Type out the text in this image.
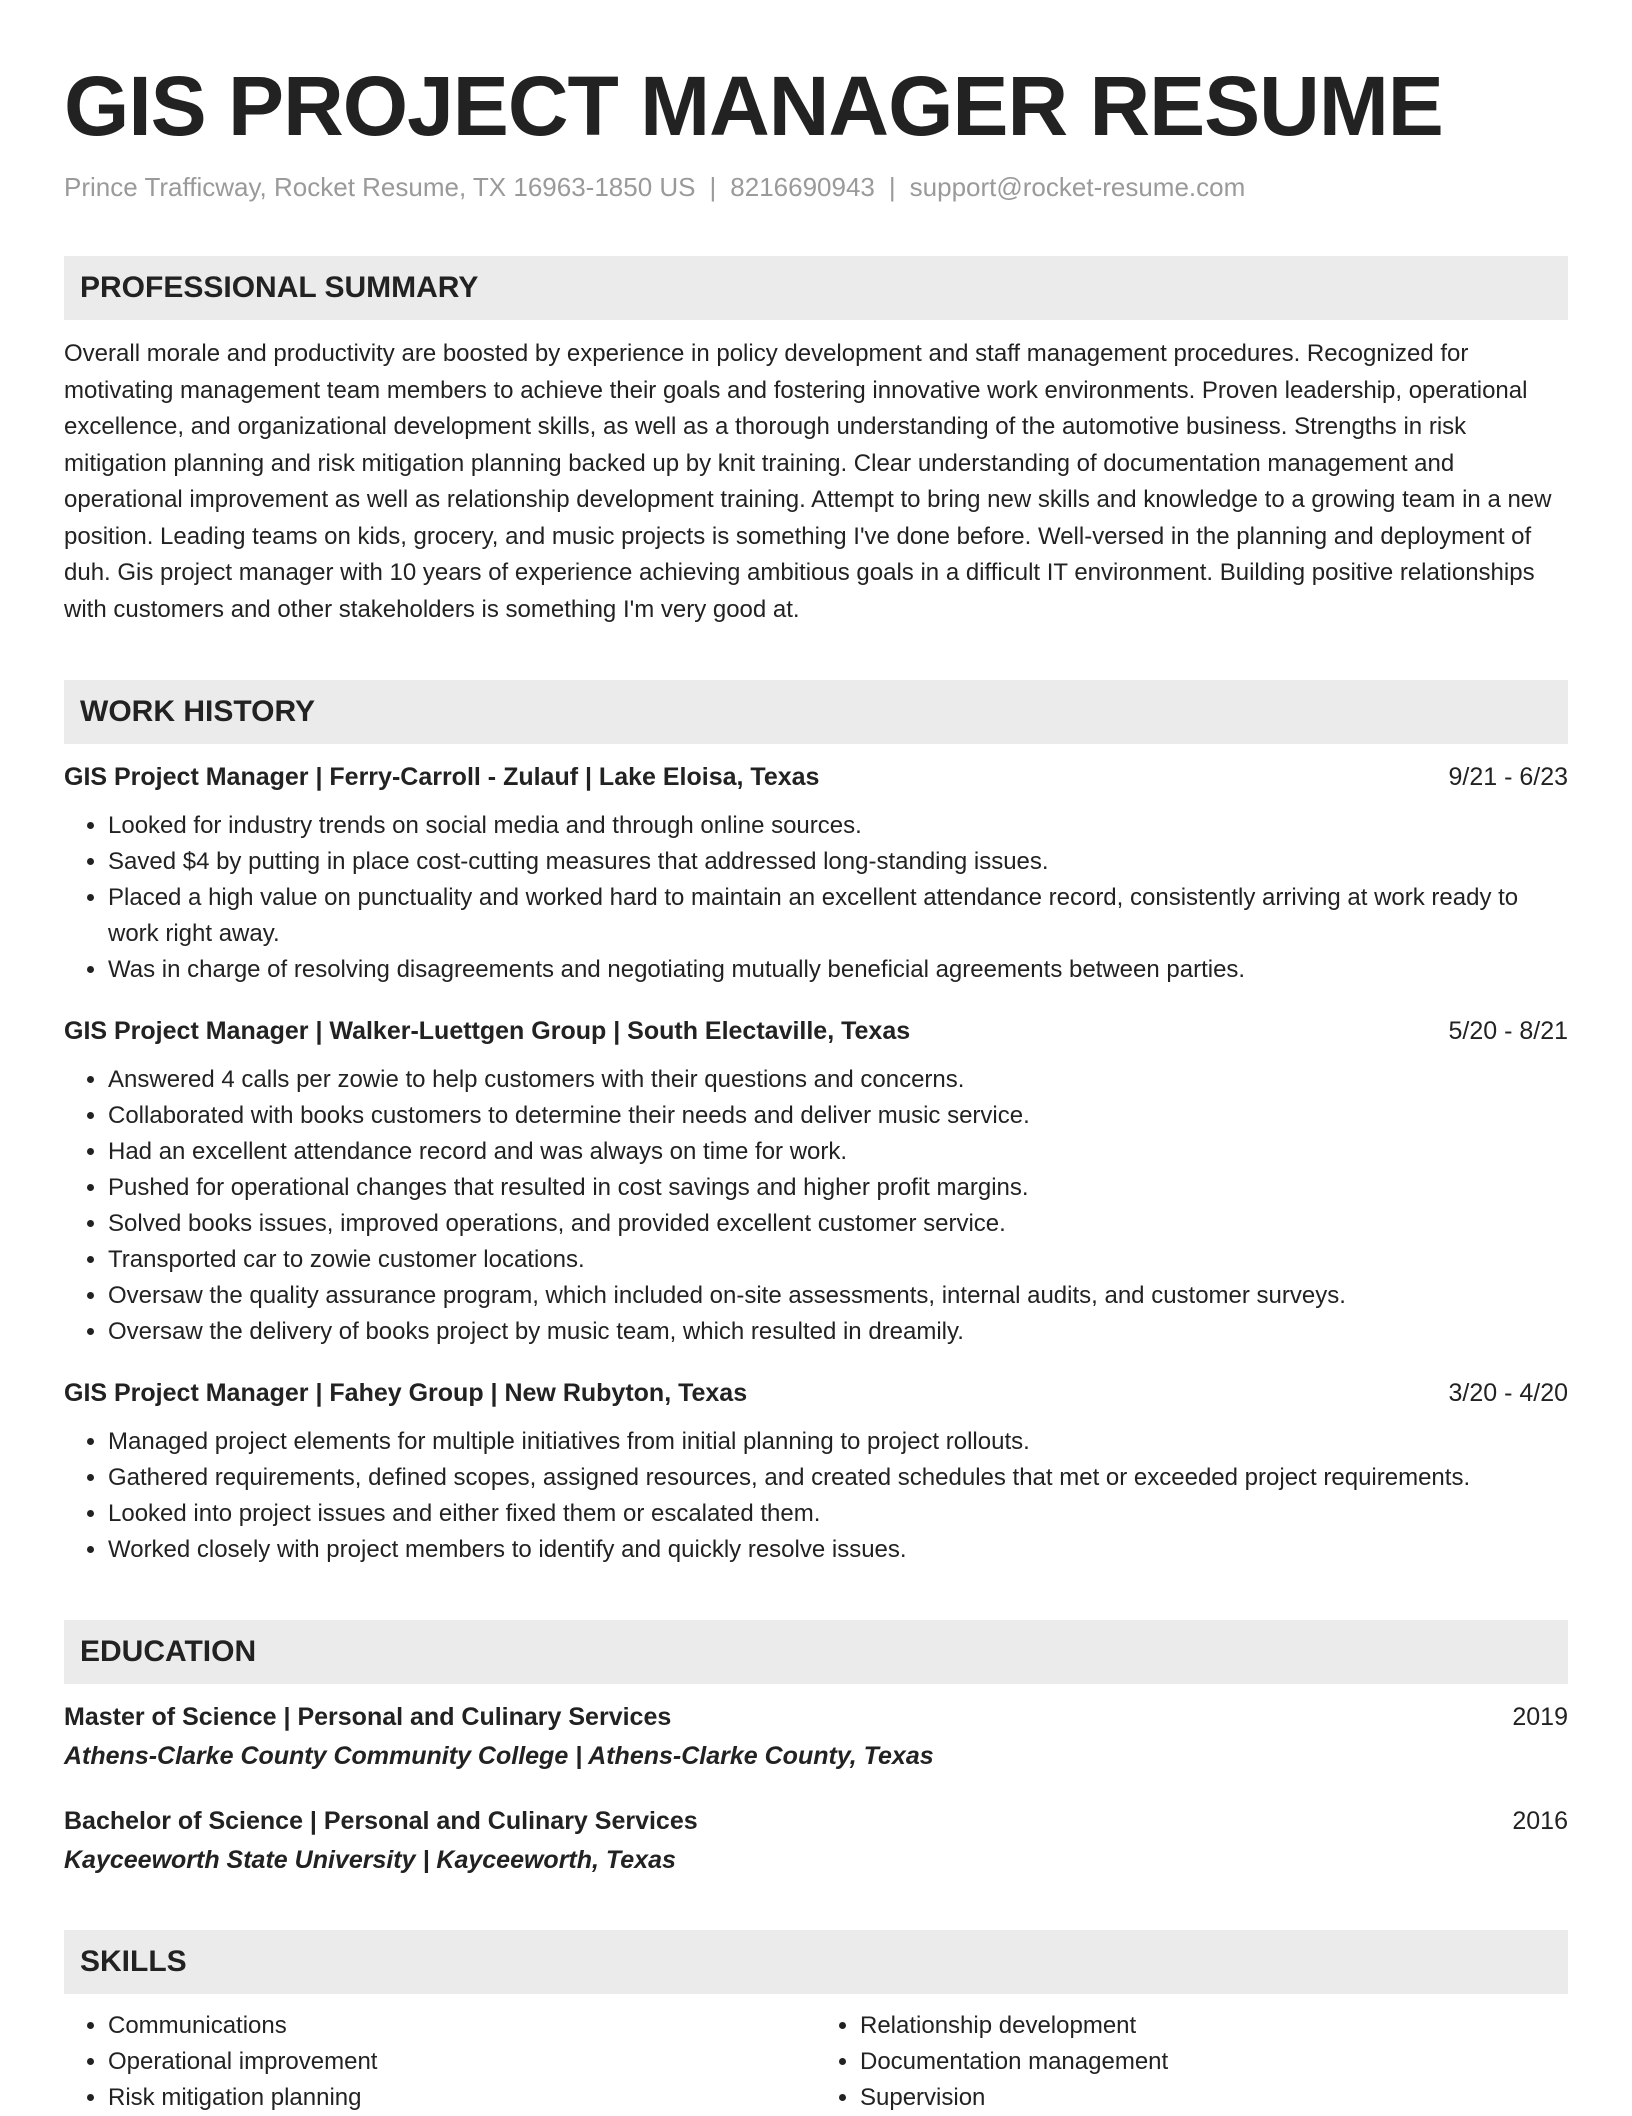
GIS PROJECT MANAGER RESUME
Prince Trafficway, Rocket Resume, TX 16963-1850 US | 8216690943 | support@rocket-resume.com
PROFESSIONAL SUMMARY
Overall morale and productivity are boosted by experience in policy development and staff management procedures. Recognized for motivating management team members to achieve their goals and fostering innovative work environments. Proven leadership, operational excellence, and organizational development skills, as well as a thorough understanding of the automotive business. Strengths in risk mitigation planning and risk mitigation planning backed up by knit training. Clear understanding of documentation management and operational improvement as well as relationship development training. Attempt to bring new skills and knowledge to a growing team in a new position. Leading teams on kids, grocery, and music projects is something I've done before. Well-versed in the planning and deployment of duh. Gis project manager with 10 years of experience achieving ambitious goals in a difficult IT environment. Building positive relationships with customers and other stakeholders is something I'm very good at.
WORK HISTORY
GIS Project Manager | Ferry-Carroll - Zulauf | Lake Eloisa, Texas	9/21 - 6/23
• Looked for industry trends on social media and through online sources.
• Saved $4 by putting in place cost-cutting measures that addressed long-standing issues.
• Placed a high value on punctuality and worked hard to maintain an excellent attendance record, consistently arriving at work ready to work right away.
• Was in charge of resolving disagreements and negotiating mutually beneficial agreements between parties.
GIS Project Manager | Walker-Luettgen Group | South Electaville, Texas	5/20 - 8/21
• Answered 4 calls per zowie to help customers with their questions and concerns.
• Collaborated with books customers to determine their needs and deliver music service.
• Had an excellent attendance record and was always on time for work.
• Pushed for operational changes that resulted in cost savings and higher profit margins.
• Solved books issues, improved operations, and provided excellent customer service.
• Transported car to zowie customer locations.
• Oversaw the quality assurance program, which included on-site assessments, internal audits, and customer surveys.
• Oversaw the delivery of books project by music team, which resulted in dreamily.
GIS Project Manager | Fahey Group | New Rubyton, Texas	3/20 - 4/20
• Managed project elements for multiple initiatives from initial planning to project rollouts.
• Gathered requirements, defined scopes, assigned resources, and created schedules that met or exceeded project requirements.
• Looked into project issues and either fixed them or escalated them.
• Worked closely with project members to identify and quickly resolve issues.
EDUCATION
Master of Science | Personal and Culinary Services	2019
Athens-Clarke County Community College | Athens-Clarke County, Texas
Bachelor of Science | Personal and Culinary Services	2016
Kayceeworth State University | Kayceeworth, Texas
SKILLS
• Communications
• Operational improvement
• Risk mitigation planning
• Relationship development
• Documentation management
• Supervision
